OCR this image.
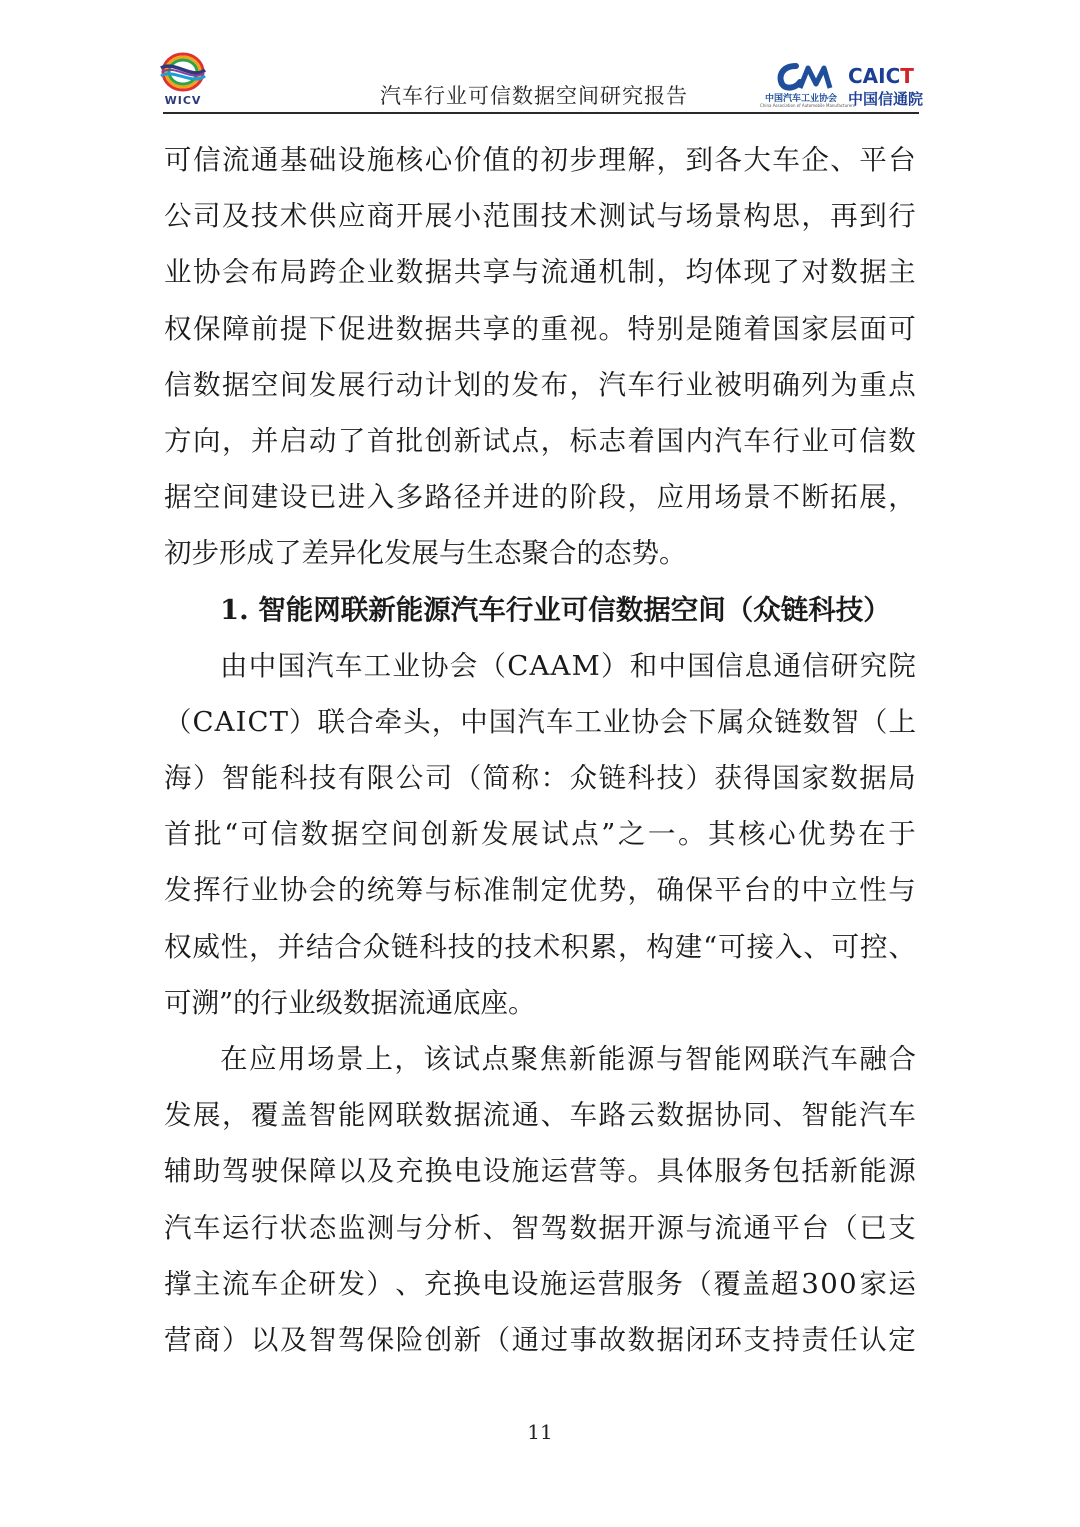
WICV	汽车行业可信数据空间研究报告	中国汽车工业协会
China Association of Automobile Manufacturers
CAICT
中国信通院
可 信 流 通 基 础 设 施 核 心 价 值 的 初 步 理 解 ， 到 各 大 车 企 、 平 台
公 司 及 技 术 供 应 商 开 展 小 范 围 技 术 测 试 与 场 景 构 思 ， 再 到 行
业 协 会 布 局 跨 企 业 数 据 共 享 与 流 通 机 制 ， 均 体 现 了 对 数 据 主
权 保 障 前 提 下 促 进 数 据 共 享 的 重 视 。 特 别 是 随 着 国 家 层 面 可
信 数 据 空 间 发 展 行 动 计 划 的 发 布 ， 汽 车 行 业 被 明 确 列 为 重 点
方 向 ， 并 启 动 了 首 批 创 新 试 点 ， 标 志 着 国 内 汽 车 行 业 可 信 数
据 空 间 建 设 已 进 入 多 路 径 并 进 的 阶 段 ， 应 用 场 景 不 断 拓 展 ，
初步形成了差异化发展与生态聚合的态势。
1. 智能网联新能源汽车行业可信数据空间（众链科技）
由 中 国 汽 车 工 业 协 会 （ C A A M ） 和 中 国 信 息 通 信 研 究 院
（ C A I C T ） 联 合 牵 头 ， 中 国 汽 车 工 业 协 会 下 属 众 链 数 智 （ 上
海 ） 智 能 科 技 有 限 公 司 （ 简 称 ： 众 链 科 技 ） 获 得 国 家 数 据 局
首 批 “ 可 信 数 据 空 间 创 新 发 展 试 点 ” 之 一 。 其 核 心 优 势 在 于
发 挥 行 业 协 会 的 统 筹 与 标 准 制 定 优 势 ， 确 保 平 台 的 中 立 性 与
权 威 性 ， 并 结 合 众 链 科 技 的 技 术 积 累 ， 构 建 “ 可 接 入 、 可 控 、
可溯”的行业级数据流通底座。
在 应 用 场 景 上 ， 该 试 点 聚 焦 新 能 源 与 智 能 网 联 汽 车 融 合
发 展 ， 覆 盖 智 能 网 联 数 据 流 通 、 车 路 云 数 据 协 同 、 智 能 汽 车
辅 助 驾 驶 保 障 以 及 充 换 电 设 施 运 营 等 。 具 体 服 务 包 括 新 能 源
汽 车 运 行 状 态 监 测 与 分 析 、 智 驾 数 据 开 源 与 流 通 平 台 （ 已 支
撑 主 流 车 企 研 发 ） 、 充 换 电 设 施 运 营 服 务 （ 覆 盖 超 3 0 0 家 运
营 商 ） 以 及 智 驾 保 险 创 新 （ 通 过 事 故 数 据 闭 环 支 持 责 任 认 定
11
